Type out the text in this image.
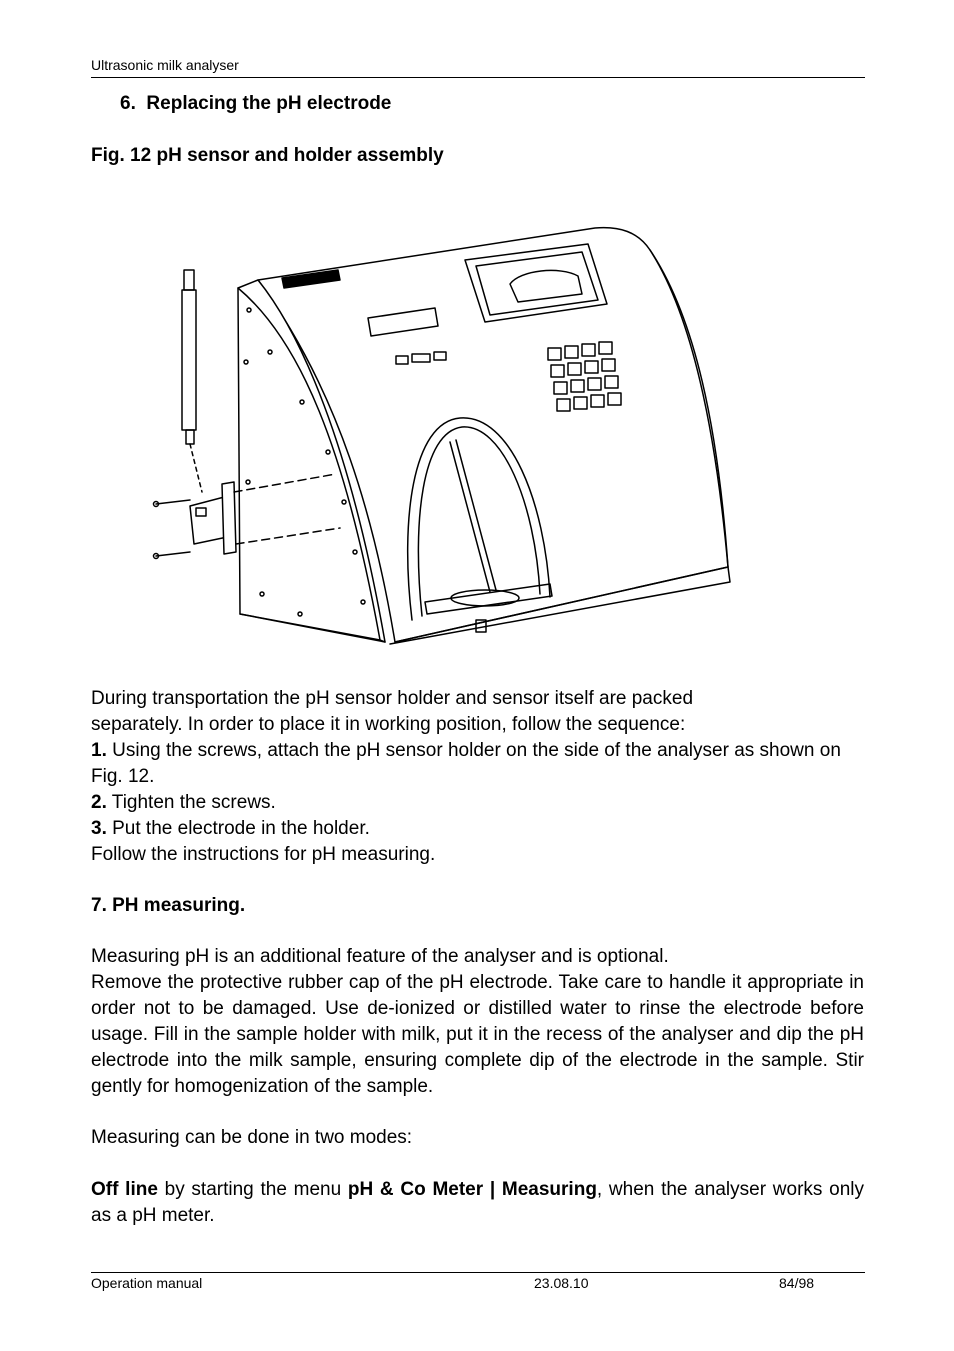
Ultrasonic milk analyser
6. Replacing the pH electrode
Fig. 12 pH sensor and holder assembly
During transportation the pH sensor holder and sensor itself are packed
separately. In order to place it in working position, follow the sequence:
1. Using the screws, attach the pH sensor holder on the side of the analyser as shown on Fig. 12.
2. Tighten the screws.
3. Put the electrode in the holder.
Follow the instructions for pH measuring.
7. PH measuring.
Measuring pH is an additional feature of the analyser and is optional.
Remove the protective rubber cap of the pH electrode. Take care to handle it appropriate in order not to be damaged. Use de-ionized or distilled water to rinse the electrode before usage. Fill in the sample holder with milk, put it in the recess of the analyser and dip the pH electrode into the milk sample, ensuring complete dip of the electrode in the sample. Stir gently for homogenization of the sample.
Measuring can be done in two modes:
Off line by starting the menu pH & Co Meter | Measuring, when the analyser works only as a pH meter.
Operation manual	23.08.10	84/98
